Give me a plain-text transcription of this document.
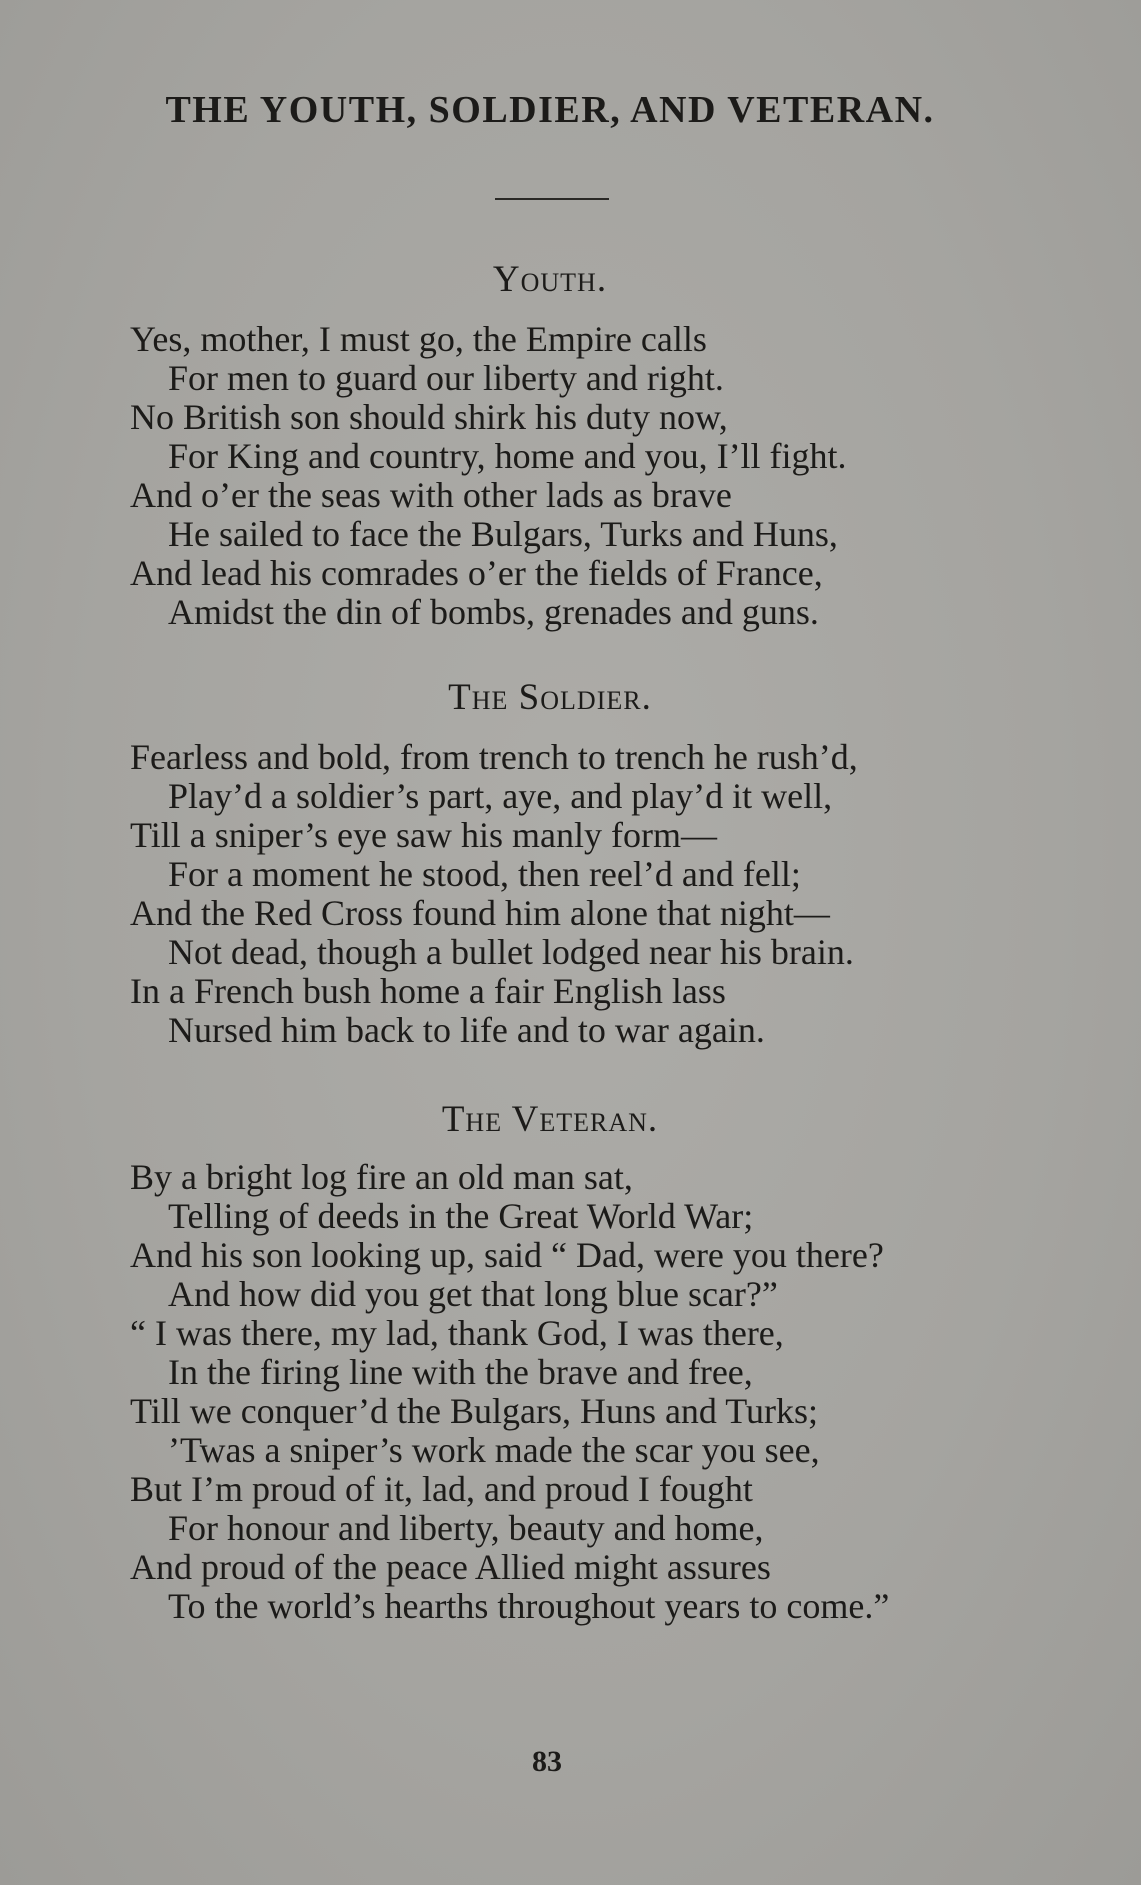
THE YOUTH, SOLDIER, AND VETERAN.
Youth.
Yes, mother, I must go, the Empire calls
For men to guard our liberty and right.
No British son should shirk his duty now,
For King and country, home and you, I’ll fight.
And o’er the seas with other lads as brave
He sailed to face the Bulgars, Turks and Huns,
And lead his comrades o’er the fields of France,
Amidst the din of bombs, grenades and guns.
The Soldier.
Fearless and bold, from trench to trench he rush’d,
Play’d a soldier’s part, aye, and play’d it well,
Till a sniper’s eye saw his manly form—
For a moment he stood, then reel’d and fell;
And the Red Cross found him alone that night—
Not dead, though a bullet lodged near his brain.
In a French bush home a fair English lass
Nursed him back to life and to war again.
The Veteran.
By a bright log fire an old man sat,
Telling of deeds in the Great World War;
And his son looking up, said “ Dad, were you there?
And how did you get that long blue scar?”
“ I was there, my lad, thank God, I was there,
In the firing line with the brave and free,
Till we conquer’d the Bulgars, Huns and Turks;
’Twas a sniper’s work made the scar you see,
But I’m proud of it, lad, and proud I fought
For honour and liberty, beauty and home,
And proud of the peace Allied might assures
To the world’s hearths throughout years to come.”
83
